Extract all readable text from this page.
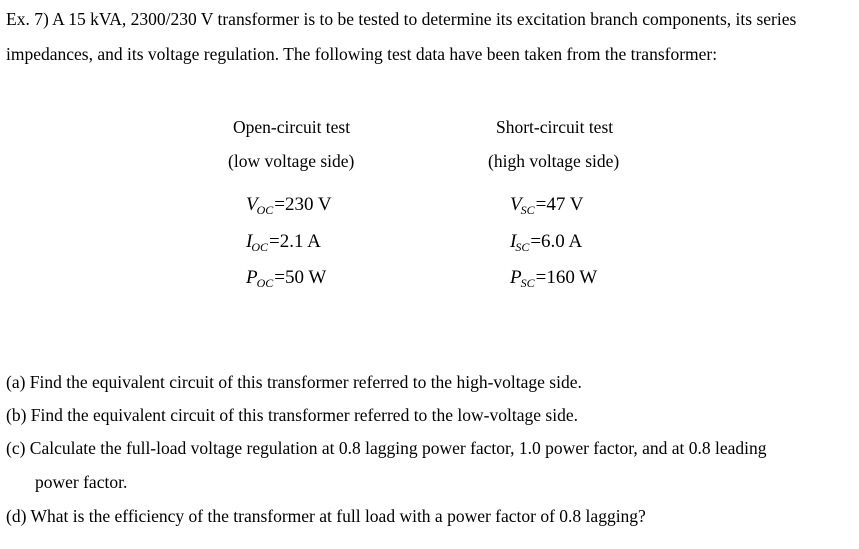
Ex. 7) A 15 kVA, 2300/230 V transformer is to be tested to determine its excitation branch components, its series
impedances, and its voltage regulation. The following test data have been taken from the transformer:
Open-circuit test
(low voltage side)
$V_{OC}=230$ V
$I_{OC}=2.1$ A
$P_{OC}=50$ W
Short-circuit test
(high voltage side)
$V_{SC}=47$ V
$I_{SC}=6.0$ A
$P_{SC}=160$ W
(a) Find the equivalent circuit of this transformer referred to the high-voltage side.
(b) Find the equivalent circuit of this transformer referred to the low-voltage side.
(c) Calculate the full-load voltage regulation at 0.8 lagging power factor, 1.0 power factor, and at 0.8 leading
power factor.
(d) What is the efficiency of the transformer at full load with a power factor of 0.8 lagging?
